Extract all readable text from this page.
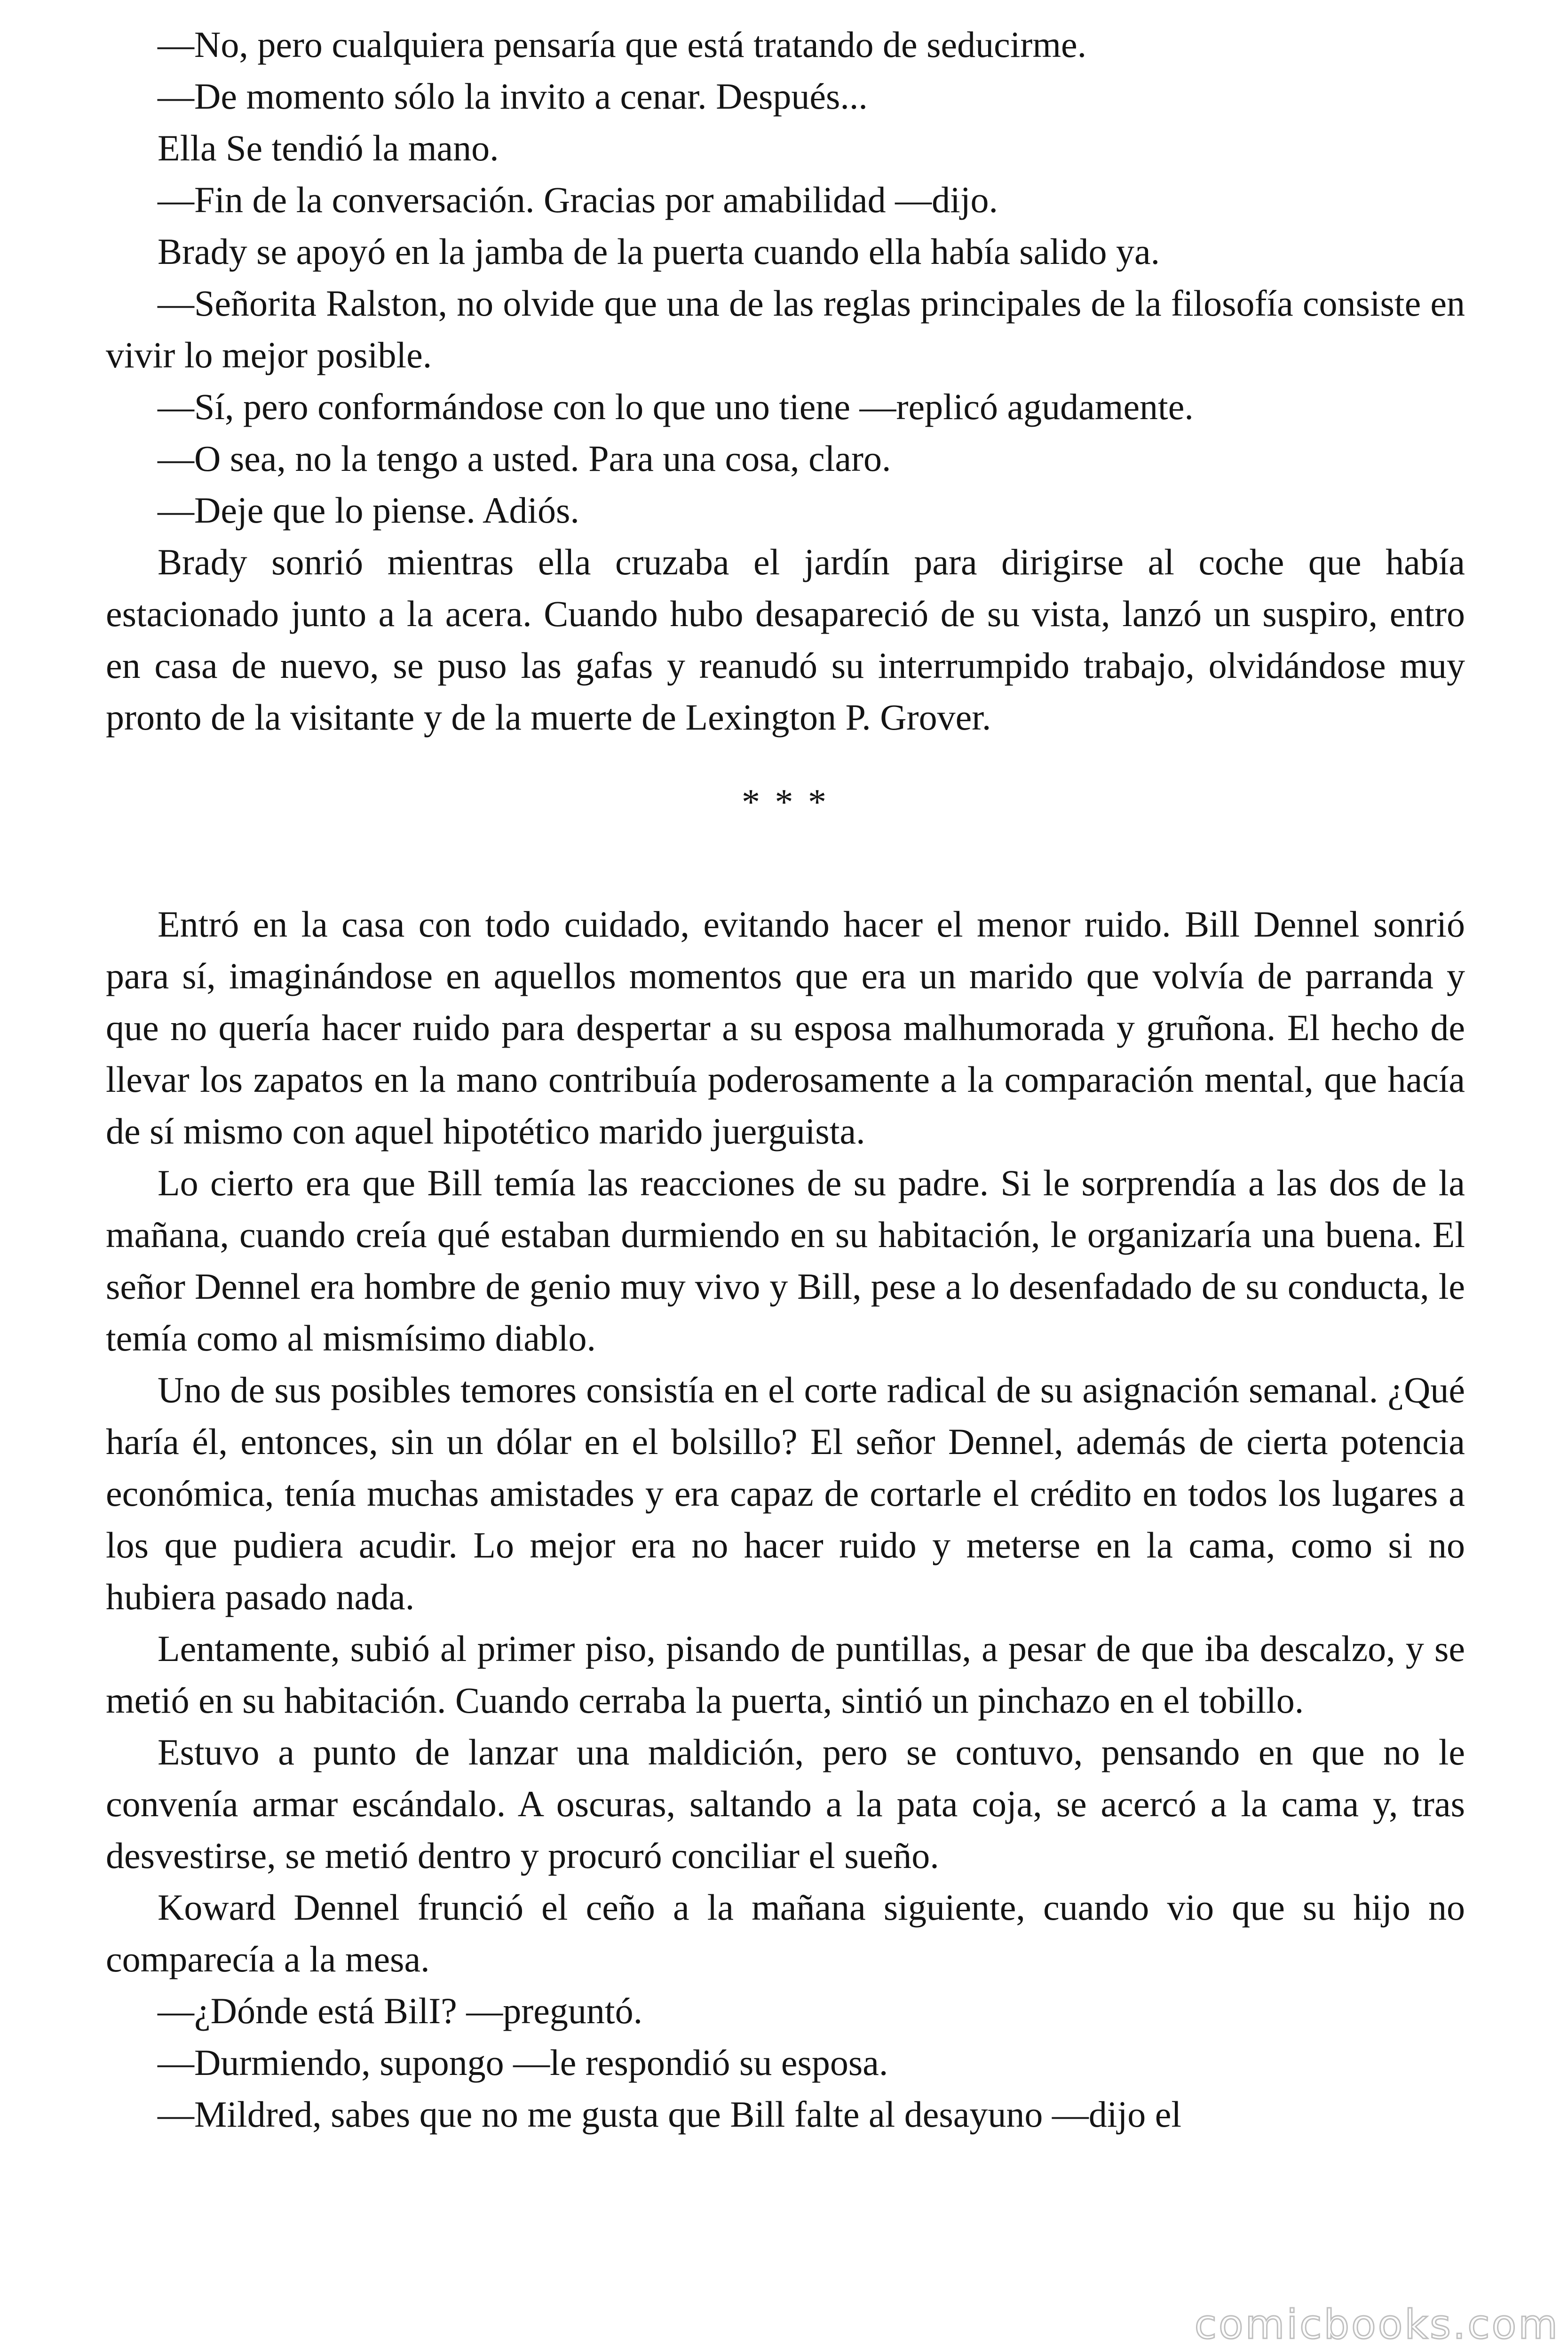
—No, pero cualquiera pensaría que está tratando de seducirme.

—De momento sólo la invito a cenar. Después...

Ella Se tendió la mano.

—Fin de la conversación. Gracias por amabilidad —dijo.

Brady se apoyó en la jamba de la puerta cuando ella había salido ya.

—Señorita Ralston, no olvide que una de las reglas principales de la filosofía consiste en vivir lo mejor posible.

—Sí, pero conformándose con lo que uno tiene —replicó agudamente.

—O sea, no la tengo a usted. Para una cosa, claro.

—Deje que lo piense. Adiós.

Brady sonrió mientras ella cruzaba el jardín para dirigirse al coche que había estacionado junto a la acera. Cuando hubo desapareció de su vista, lanzó un suspiro, entro en casa de nuevo, se puso las gafas y reanudó su interrumpido trabajo, olvidándose muy pronto de la visitante y de la muerte de Lexington P. Grover.

* * *

Entró en la casa con todo cuidado, evitando hacer el menor ruido. Bill Dennel sonrió para sí, imaginándose en aquellos momentos que era un marido que volvía de parranda y que no quería hacer ruido para despertar a su esposa malhumorada y gruñona. El hecho de llevar los zapatos en la mano contribuía poderosamente a la comparación mental, que hacía de sí mismo con aquel hipotético marido juerguista.

Lo cierto era que Bill temía las reacciones de su padre. Si le sorprendía a las dos de la mañana, cuando creía qué estaban durmiendo en su habitación, le organizaría una buena. El señor Dennel era hombre de genio muy vivo y Bill, pese a lo desenfadado de su conducta, le temía como al mismísimo diablo.

Uno de sus posibles temores consistía en el corte radical de su asignación semanal. ¿Qué haría él, entonces, sin un dólar en el bolsillo? El señor Dennel, además de cierta potencia económica, tenía muchas amistades y era capaz de cortarle el crédito en todos los lugares a los que pudiera acudir. Lo mejor era no hacer ruido y meterse en la cama, como si no hubiera pasado nada.

Lentamente, subió al primer piso, pisando de puntillas, a pesar de que iba descalzo, y se metió en su habitación. Cuando cerraba la puerta, sintió un pinchazo en el tobillo.

Estuvo a punto de lanzar una maldición, pero se contuvo, pensando en que no le convenía armar escándalo. A oscuras, saltando a la pata coja, se acercó a la cama y, tras desvestirse, se metió dentro y procuró conciliar el sueño.

Koward Dennel frunció el ceño a la mañana siguiente, cuando vio que su hijo no comparecía a la mesa.

—¿Dónde está BilI? —preguntó.

—Durmiendo, supongo —le respondió su esposa.

—Mildred, sabes que no me gusta que Bill falte al desayuno —dijo el

comicbooks.com
